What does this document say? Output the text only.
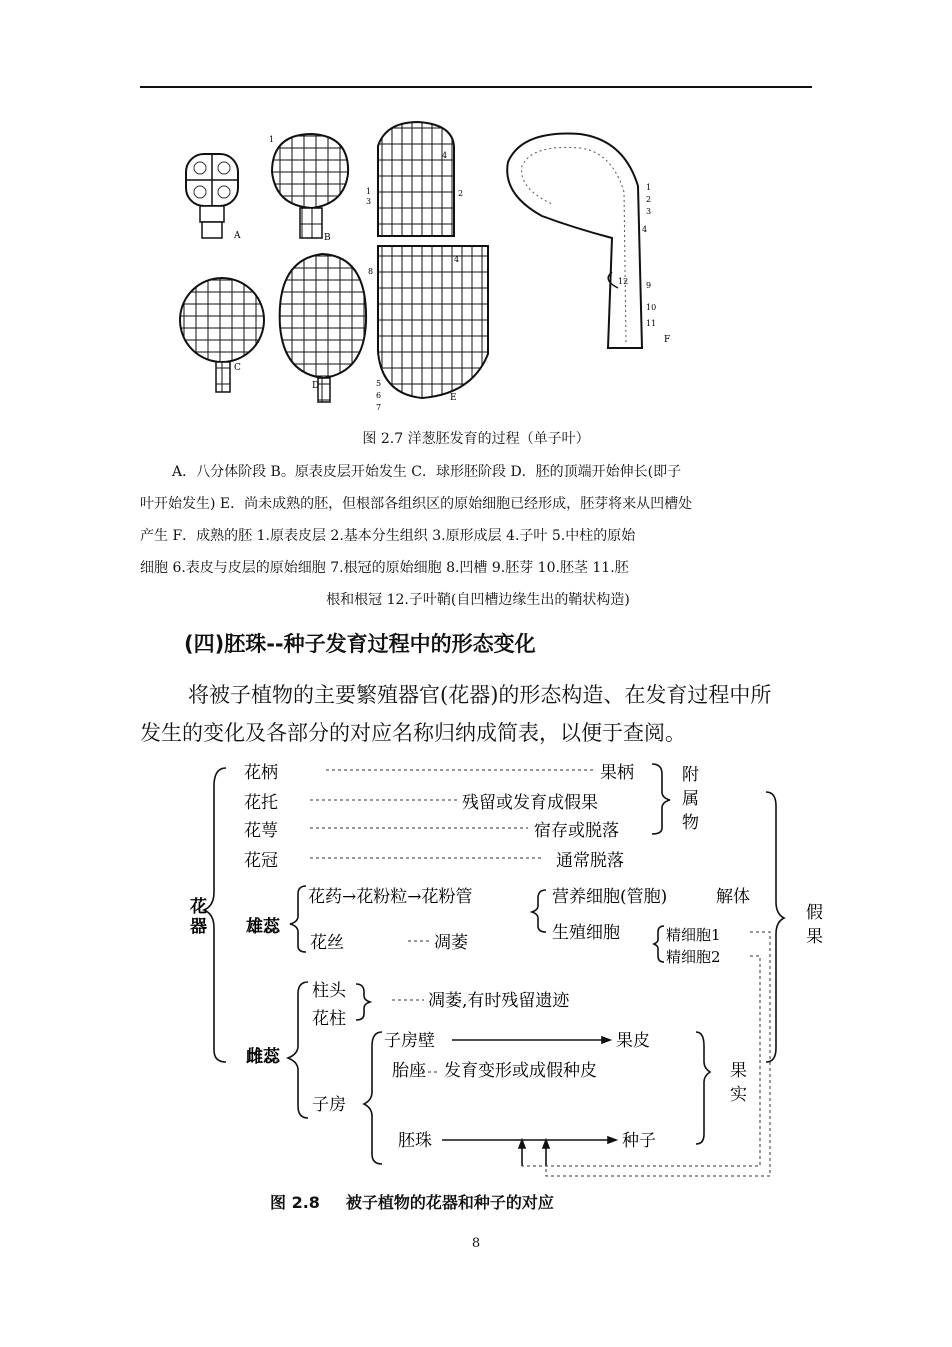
A	B
1
1
3
2
4
C
D
8
4
5
6
7
E
1
2
3
4
9
10
11
12
F
图 2.7 洋葱胚发育的过程（单子叶）
A．八分体阶段 B。原表皮层开始发生 C．球形胚阶段 D．胚的顶端开始伸长(即子
叶开始发生) E．尚未成熟的胚，但根部各组织区的原始细胞已经形成，胚芽将来从凹槽处
产生 F．成熟的胚 1.原表皮层 2.基本分生组织 3.原形成层 4.子叶 5.中柱的原始
细胞 6.表皮与皮层的原始细胞 7.根冠的原始细胞 8.凹槽 9.胚芽 10.胚茎 11.胚
根和根冠 12.子叶鞘(自凹槽边缘生出的鞘状构造)
(四)胚珠--种子发育过程中的形态变化
将被子植物的主要繁殖器官(花器)的形态构造、在发育过程中所
发生的变化及各部分的对应名称归纳成简表，以便于查阅。
花柄
花托
花萼
花冠
果柄
残留或发育成假果
宿存或脱落
通常脱落
雄蕊
花药→花粉粒→花粉管	营养细胞(管胞)	解体
生殖细胞	精细胞1
精细胞2
花丝	凋萎
雌蕊
柱头
花柱
凋萎,有时残留遗迹
子房
子房壁	果皮
胎座 发育变形或成假种皮
胚珠	种子
花
器
附
属
物
假
果
果
实
图 2.8 被子植物的花器和种子的对应
8
